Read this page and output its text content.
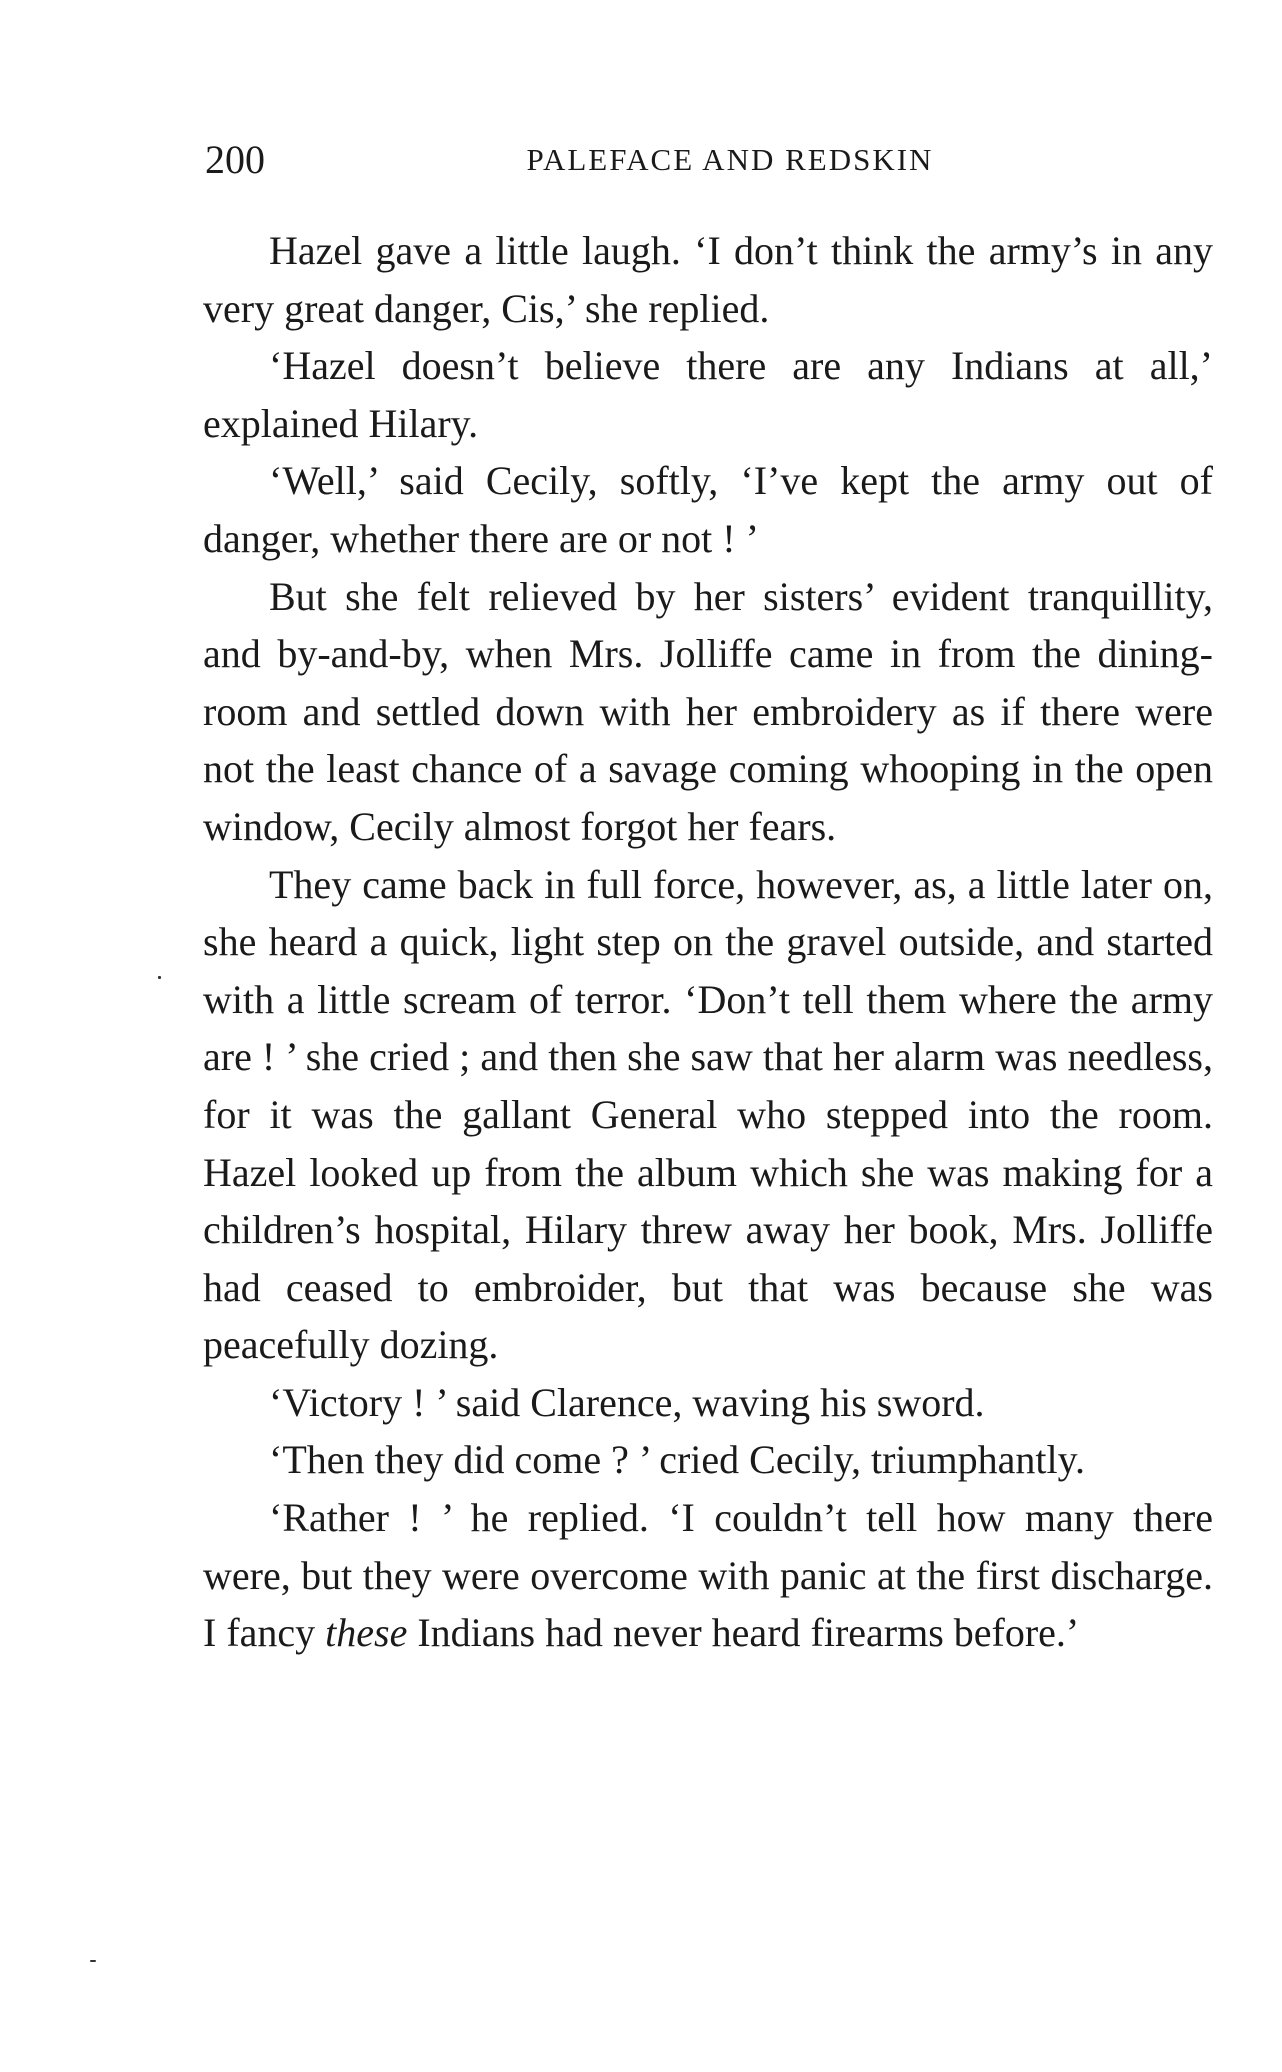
200	PALEFACE AND REDSKIN

Hazel gave a little laugh. ‘I don’t think the army’s in any very great danger, Cis,’ she replied.

‘Hazel doesn’t believe there are any Indians at all,’ explained Hilary.

‘Well,’ said Cecily, softly, ‘I’ve kept the army out of danger, whether there are or not ! ’

But she felt relieved by her sisters’ evident tranquillity, and by-and-by, when Mrs. Jolliffe came in from the dining-room and settled down with her embroidery as if there were not the least chance of a savage coming whooping in the open window, Cecily almost forgot her fears.

They came back in full force, however, as, a little later on, she heard a quick, light step on the gravel outside, and started with a little scream of terror. ‘Don’t tell them where the army are ! ’ she cried ; and then she saw that her alarm was needless, for it was the gallant General who stepped into the room. Hazel looked up from the album which she was making for a children’s hospital, Hilary threw away her book, Mrs. Jolliffe had ceased to embroider, but that was because she was peacefully dozing.

‘Victory ! ’ said Clarence, waving his sword.

‘Then they did come ? ’ cried Cecily, triumphantly.

‘Rather ! ’ he replied. ‘I couldn’t tell how many there were, but they were overcome with panic at the first discharge. I fancy these Indians had never heard firearms before.’
